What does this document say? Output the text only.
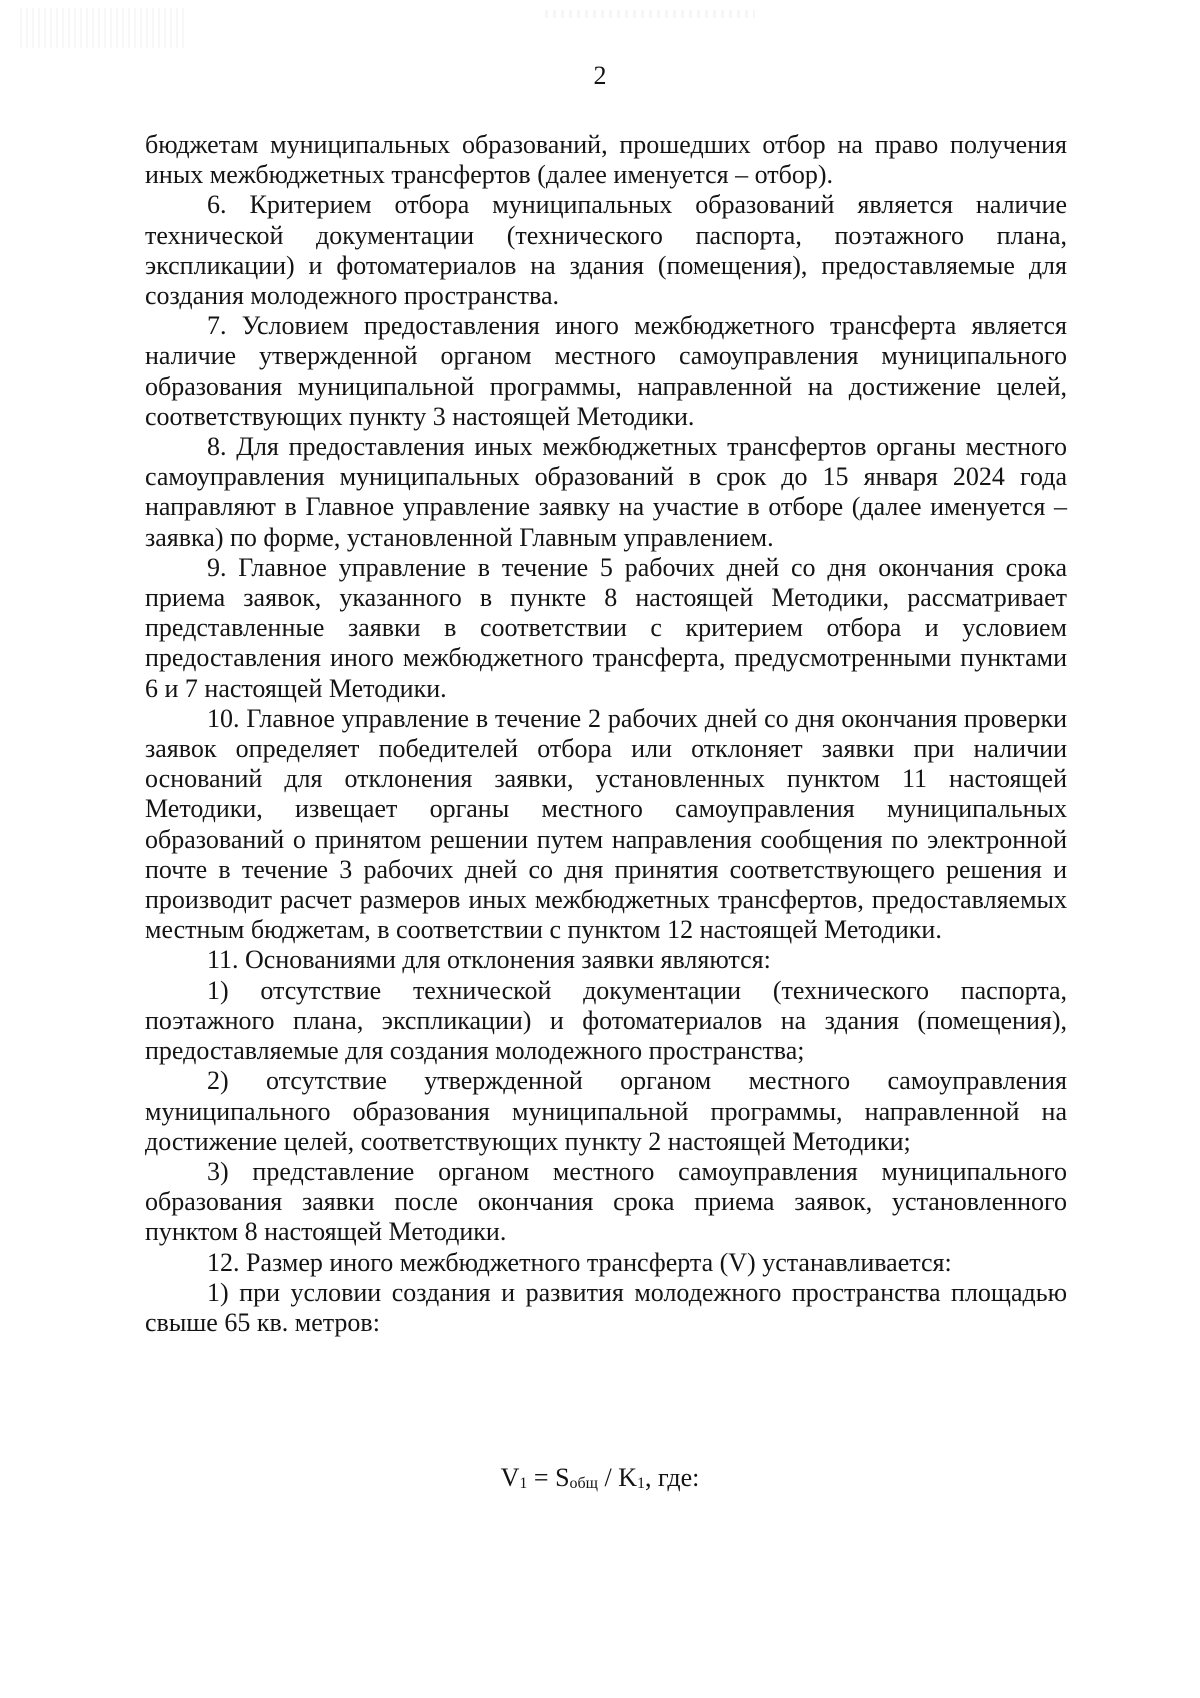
2

бюджетам муниципальных образований, прошедших отбор на право получения иных межбюджетных трансфертов (далее именуется – отбор).

6. Критерием отбора муниципальных образований является наличие технической документации (технического паспорта, поэтажного плана, экспликации) и фотоматериалов на здания (помещения), предоставляемые для создания молодежного пространства.

7. Условием предоставления иного межбюджетного трансферта является наличие утвержденной органом местного самоуправления муниципального образования муниципальной программы, направленной на достижение целей, соответствующих пункту 3 настоящей Методики.

8. Для предоставления иных межбюджетных трансфертов органы местного самоуправления муниципальных образований в срок до 15 января 2024 года направляют в Главное управление заявку на участие в отборе (далее именуется – заявка) по форме, установленной Главным управлением.

9. Главное управление в течение 5 рабочих дней со дня окончания срока приема заявок, указанного в пункте 8 настоящей Методики, рассматривает представленные заявки в соответствии с критерием отбора и условием предоставления иного межбюджетного трансферта, предусмотренными пунктами 6 и 7 настоящей Методики.

10. Главное управление в течение 2 рабочих дней со дня окончания проверки заявок определяет победителей отбора или отклоняет заявки при наличии оснований для отклонения заявки, установленных пунктом 11 настоящей Методики, извещает органы местного самоуправления муниципальных образований о принятом решении путем направления сообщения по электронной почте в течение 3 рабочих дней со дня принятия соответствующего решения и производит расчет размеров иных межбюджетных трансфертов, предоставляемых местным бюджетам, в соответствии с пунктом 12 настоящей Методики.

11. Основаниями для отклонения заявки являются:

1) отсутствие технической документации (технического паспорта, поэтажного плана, экспликации) и фотоматериалов на здания (помещения), предоставляемые для создания молодежного пространства;

2) отсутствие утвержденной органом местного самоуправления муниципального образования муниципальной программы, направленной на достижение целей, соответствующих пункту 2 настоящей Методики;

3) представление органом местного самоуправления муниципального образования заявки после окончания срока приема заявок, установленного пунктом 8 настоящей Методики.

12. Размер иного межбюджетного трансферта (V) устанавливается:

1) при условии создания и развития молодежного пространства площадью свыше 65 кв. метров:

V1 = Sобщ / K1, где:
